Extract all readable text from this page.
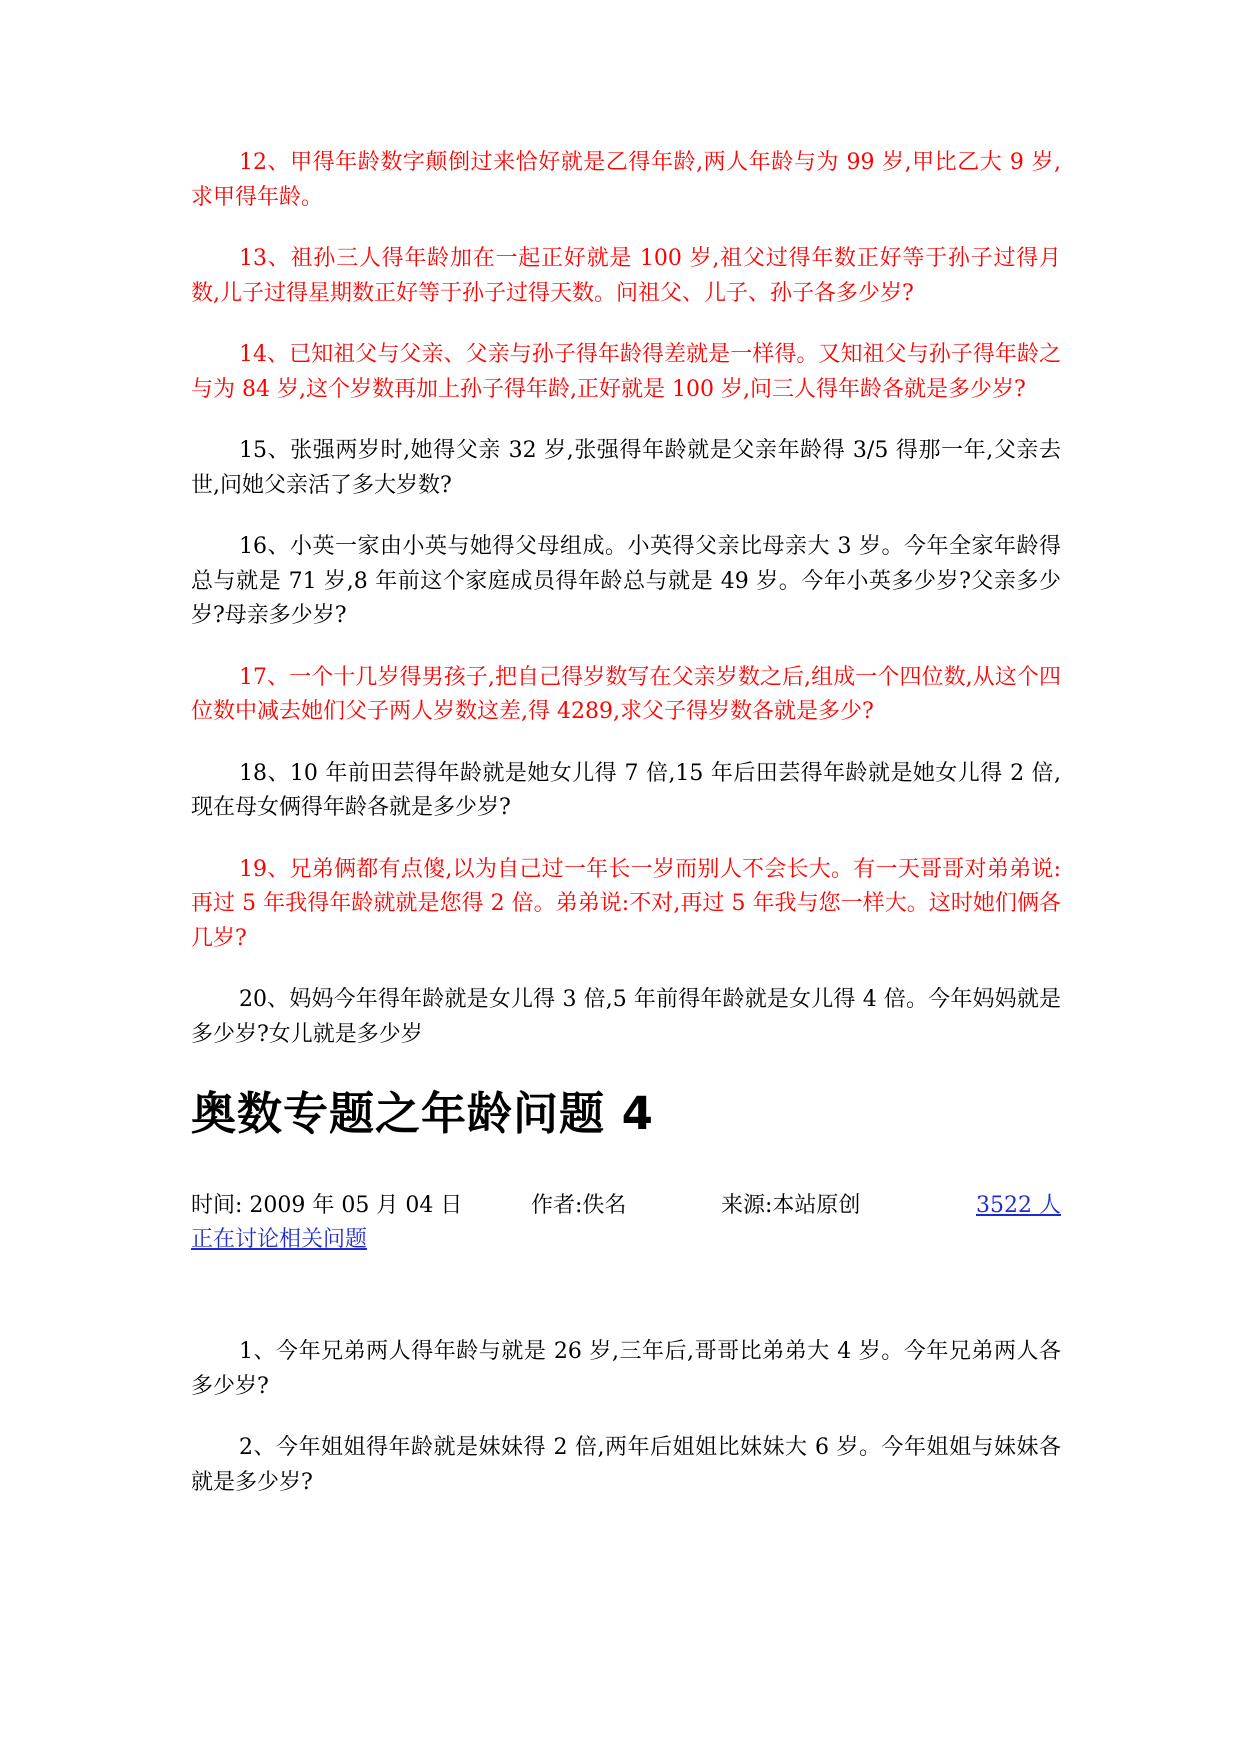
12、甲得年龄数字颠倒过来恰好就是乙得年龄,两人年龄与为 99 岁,甲比乙大 9 岁,求甲得年龄。

13、祖孙三人得年龄加在一起正好就是 100 岁,祖父过得年数正好等于孙子过得月数,儿子过得星期数正好等于孙子过得天数。问祖父、儿子、孙子各多少岁?

14、已知祖父与父亲、父亲与孙子得年龄得差就是一样得。又知祖父与孙子得年龄之与为 84 岁,这个岁数再加上孙子得年龄,正好就是 100 岁,问三人得年龄各就是多少岁?

15、张强两岁时,她得父亲 32 岁,张强得年龄就是父亲年龄得 3/5 得那一年,父亲去世,问她父亲活了多大岁数?

16、小英一家由小英与她得父母组成。小英得父亲比母亲大 3 岁。今年全家年龄得总与就是 71 岁,8 年前这个家庭成员得年龄总与就是 49 岁。今年小英多少岁?父亲多少岁?母亲多少岁?

17、一个十几岁得男孩子,把自己得岁数写在父亲岁数之后,组成一个四位数,从这个四位数中减去她们父子两人岁数这差,得 4289,求父子得岁数各就是多少?

18、10 年前田芸得年龄就是她女儿得 7 倍,15 年后田芸得年龄就是她女儿得 2 倍,现在母女俩得年龄各就是多少岁?

19、兄弟俩都有点傻,以为自己过一年长一岁而别人不会长大。有一天哥哥对弟弟说:再过 5 年我得年龄就就是您得 2 倍。弟弟说:不对,再过 5 年我与您一样大。这时她们俩各几岁?

20、妈妈今年得年龄就是女儿得 3 倍,5 年前得年龄就是女儿得 4 倍。今年妈妈就是多少岁?女儿就是多少岁

奥数专题之年龄问题 4
时间: 2009 年 05 月 04 日	作者:佚名	来源:本站原创	3522 人
正在讨论相关问题

1、今年兄弟两人得年龄与就是 26 岁,三年后,哥哥比弟弟大 4 岁。今年兄弟两人各多少岁?

2、今年姐姐得年龄就是妹妹得 2 倍,两年后姐姐比妹妹大 6 岁。今年姐姐与妹妹各就是多少岁?
